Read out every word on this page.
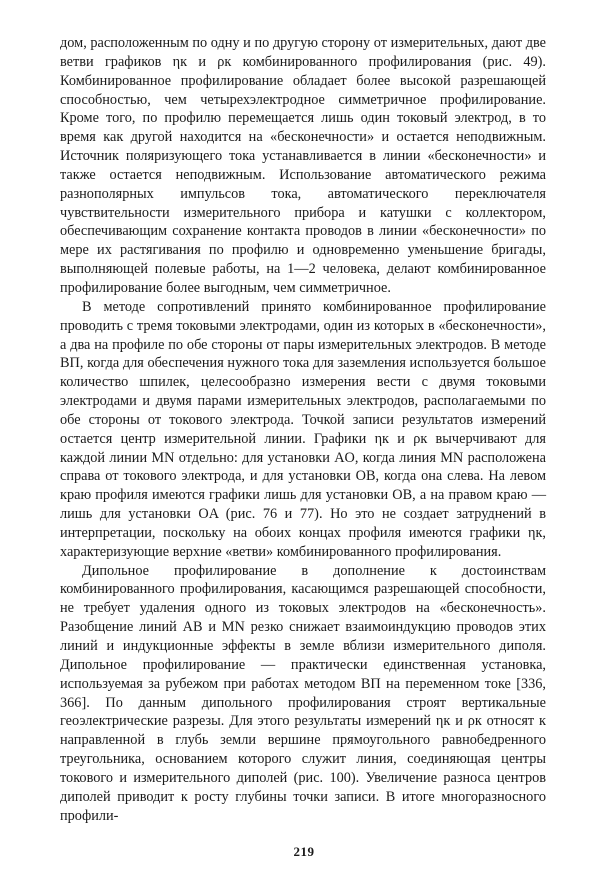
дом, расположенным по одну и по другую сторону от измерительных, дают две ветви графиков ηк и ρк комбинированного профилирования (рис. 49). Комбинированное профилирование обладает более высокой разрешающей способностью, чем четырехэлектродное симметричное профилирование. Кроме того, по профилю перемещается лишь один токовый электрод, в то время как другой находится на «бесконечности» и остается неподвижным. Источник поляризующего тока устанавливается в линии «бесконечности» и также остается неподвижным. Использование автоматического режима разнополярных импульсов тока, автоматического переключателя чувствительности измерительного прибора и катушки с коллектором, обеспечивающим сохранение контакта проводов в линии «бесконечности» по мере их растягивания по профилю и одновременно уменьшение бригады, выполняющей полевые работы, на 1—2 человека, делают комбинированное профилирование более выгодным, чем симметричное.

В методе сопротивлений принято комбинированное профилирование проводить с тремя токовыми электродами, один из которых в «бесконечности», а два на профиле по обе стороны от пары измерительных электродов. В методе ВП, когда для обеспечения нужного тока для заземления используется большое количество шпилек, целесообразно измерения вести с двумя токовыми электродами и двумя парами измерительных электродов, располагаемыми по обе стороны от токового электрода. Точкой записи результатов измерений остается центр измерительной линии. Графики ηк и ρк вычерчивают для каждой линии MN отдельно: для установки AO, когда линия MN расположена справа от токового электрода, и для установки OB, когда она слева. На левом краю профиля имеются графики лишь для установки OB, а на правом краю — лишь для установки OA (рис. 76 и 77). Но это не создает затруднений в интерпретации, поскольку на обоих концах профиля имеются графики ηк, характеризующие верхние «ветви» комбинированного профилирования.

Дипольное профилирование в дополнение к достоинствам комбинированного профилирования, касающимся разрешающей способности, не требует удаления одного из токовых электродов на «бесконечность». Разобщение линий AB и MN резко снижает взаимоиндукцию проводов этих линий и индукционные эффекты в земле вблизи измерительного диполя. Дипольное профилирование — практически единственная установка, используемая за рубежом при работах методом ВП на переменном токе [336, 366]. По данным дипольного профилирования строят вертикальные геоэлектрические разрезы. Для этого результаты измерений ηк и ρк относят к направленной в глубь земли вершине прямоугольного равнобедренного треугольника, основанием которого служит линия, соединяющая центры токового и измерительного диполей (рис. 100). Увеличение разноса центров диполей приводит к росту глубины точки записи. В итоге многоразносного профили-

219
